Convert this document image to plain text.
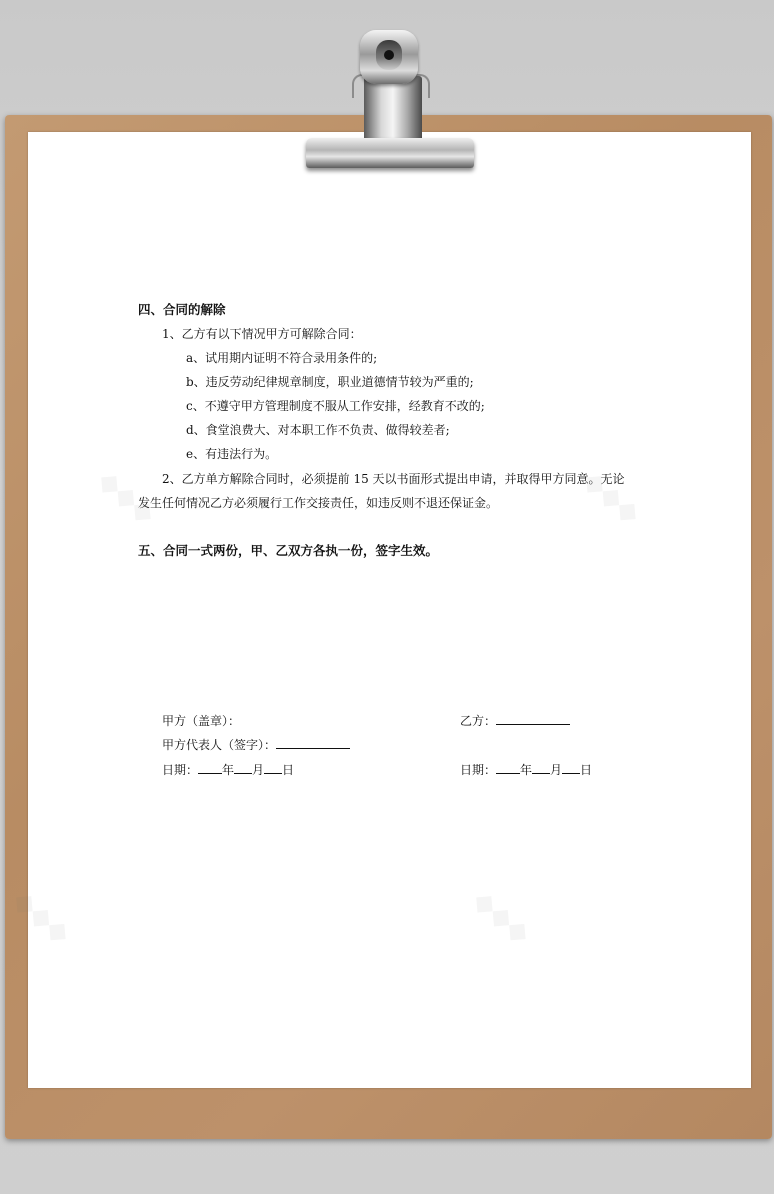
四、合同的解除
1、乙方有以下情况甲方可解除合同：
a、试用期内证明不符合录用条件的;
b、违反劳动纪律规章制度，职业道德情节较为严重的;
c、不遵守甲方管理制度不服从工作安排，经教育不改的;
d、食堂浪费大、对本职工作不负责、做得较差者;
e、有违法行为。
2、乙方单方解除合同时，必须提前 15 天以书面形式提出申请，并取得甲方同意。无论
发生任何情况乙方必须履行工作交接责任，如违反则不退还保证金。
五、合同一式两份，甲、乙双方各执一份，签字生效。
甲方（盖章）：	乙方：
甲方代表人（签字）：
日期： 年 月 日	日期： 年 月 日
